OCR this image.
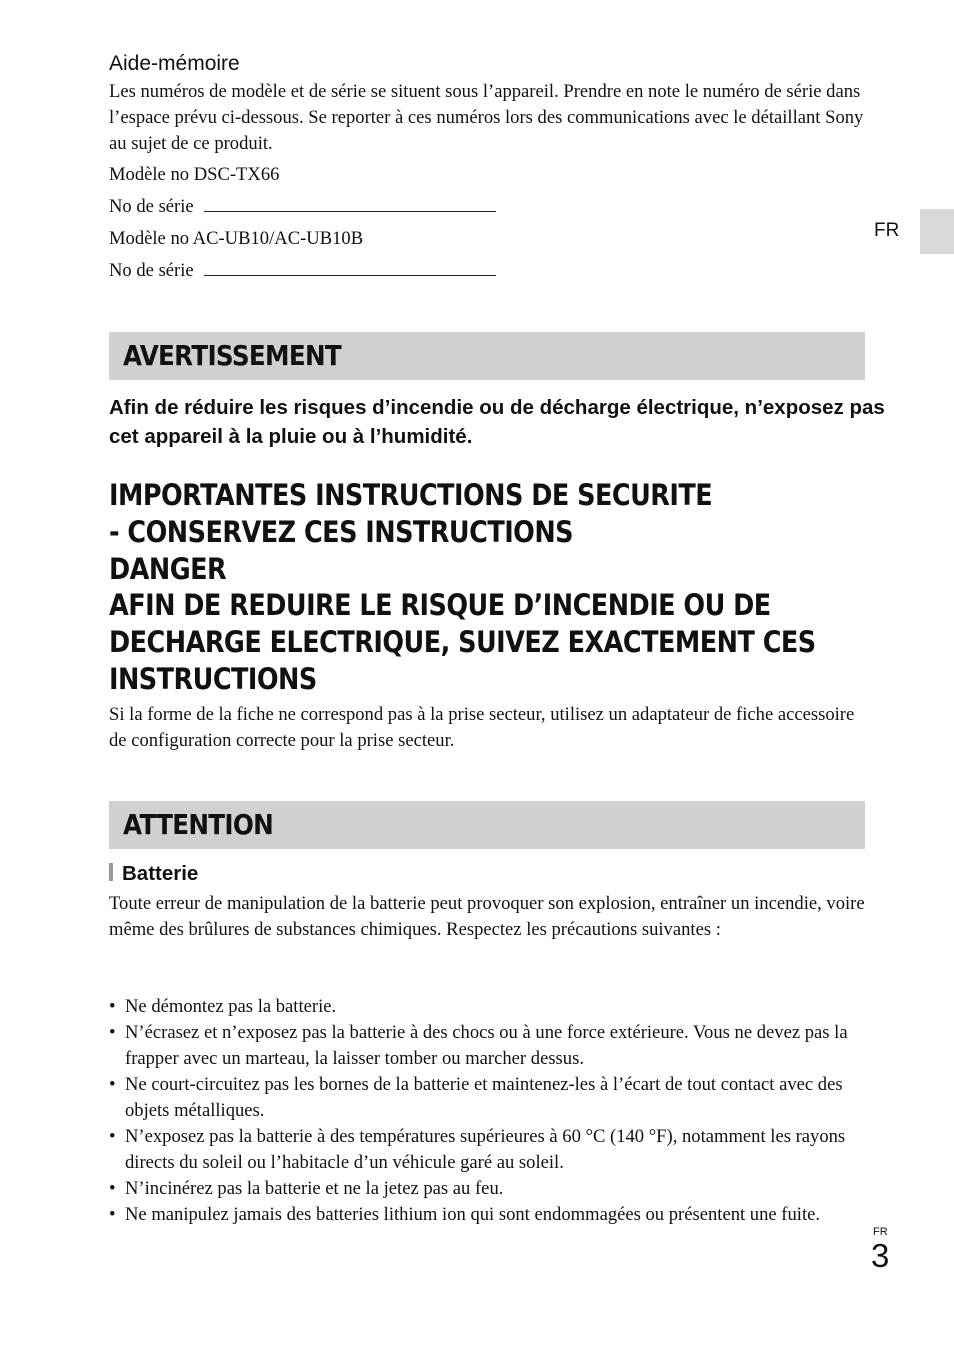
Aide-mémoire

Les numéros de modèle et de série se situent sous l’appareil. Prendre en note le numéro de série dans l’espace prévu ci-dessous. Se reporter à ces numéros lors des communications avec le détaillant Sony au sujet de ce produit.

Modèle no DSC-TX66
No de série
Modèle no AC-UB10/AC-UB10B
No de série
FR
AVERTISSEMENT

Afin de réduire les risques d’incendie ou de décharge électrique, n’exposez pas cet appareil à la pluie ou à l’humidité.

IMPORTANTES INSTRUCTIONS DE SECURITE
- CONSERVEZ CES INSTRUCTIONS
DANGER
AFIN DE REDUIRE LE RISQUE D’INCENDIE OU DE
DECHARGE ELECTRIQUE, SUIVEZ EXACTEMENT CES
INSTRUCTIONS

Si la forme de la fiche ne correspond pas à la prise secteur, utilisez un adaptateur de fiche accessoire de configuration correcte pour la prise secteur.

ATTENTION
Batterie

Toute erreur de manipulation de la batterie peut provoquer son explosion, entraîner un incendie, voire même des brûlures de substances chimiques. Respectez les précautions suivantes :

• Ne démontez pas la batterie.
• N’écrasez et n’exposez pas la batterie à des chocs ou à une force extérieure. Vous ne devez pas la frapper avec un marteau, la laisser tomber ou marcher dessus.
• Ne court-circuitez pas les bornes de la batterie et maintenez-les à l’écart de tout contact avec des objets métalliques.
• N’exposez pas la batterie à des températures supérieures à 60 °C (140 °F), notamment les rayons directs du soleil ou l’habitacle d’un véhicule garé au soleil.
• N’incinérez pas la batterie et ne la jetez pas au feu.
• Ne manipulez jamais des batteries lithium ion qui sont endommagées ou présentent une fuite.
FR
3
